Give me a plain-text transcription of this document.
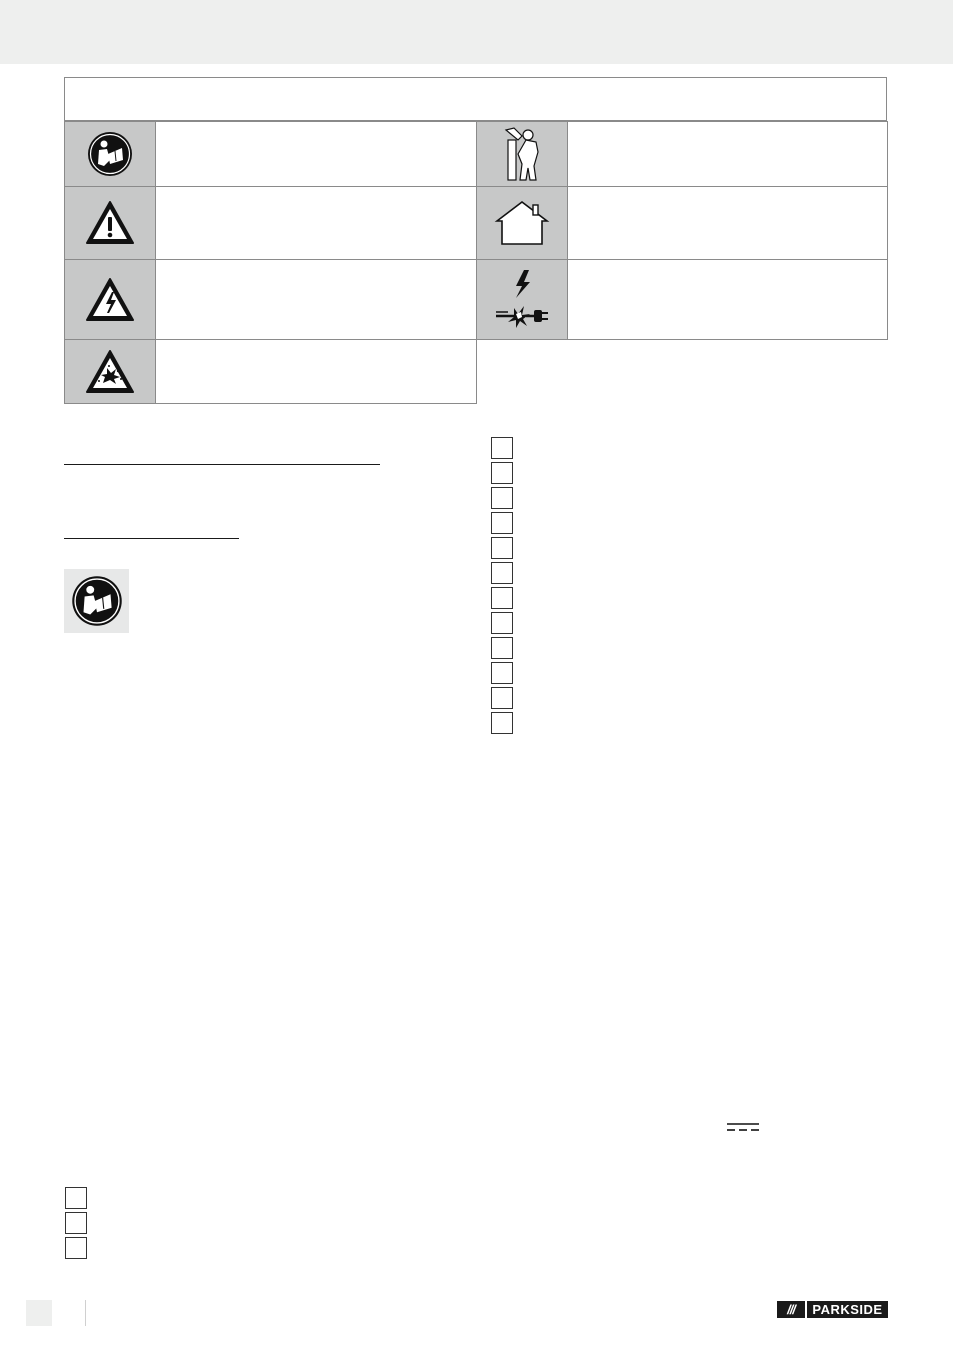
///	PARKSIDE
